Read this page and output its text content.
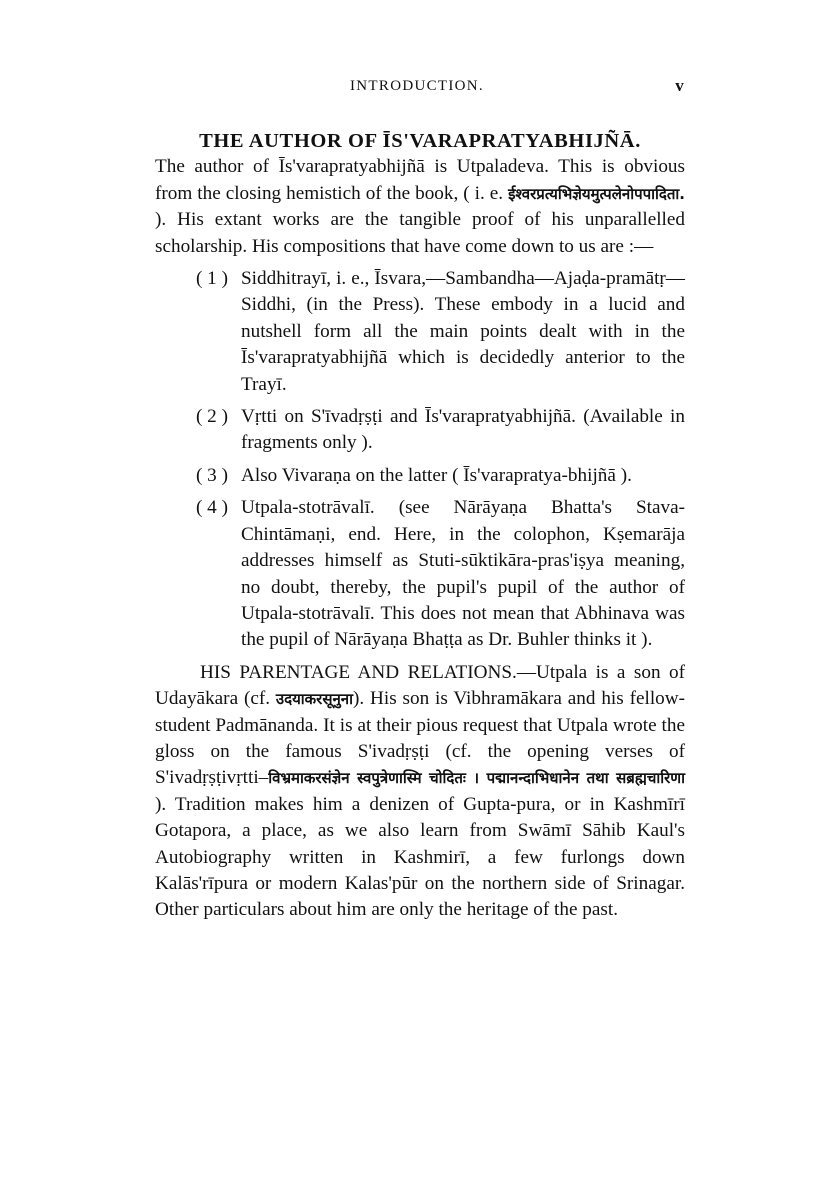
INTRODUCTION.	v
THE AUTHOR OF ĪS'VARAPRATYABHIJÑĀ.

The author of Īs'varapratyabhijñā is Utpaladeva. This is obvious from the closing hemistich of the book, ( i. e. ईश्वरप्रत्यभिज्ञेयमुत्पलेनोपपादिता. ). His extant works are the tangible proof of his unparallelled scholarship. His compositions that have come down to us are :—

( 1 ) Siddhitrayī, i. e., Īsvara,—Sambandha—Ajaḍa-pramātṛ—Siddhi, (in the Press). These embody in a lucid and nutshell form all the main points dealt with in the Īs'varapratyabhijñā which is decidedly anterior to the Trayī.
( 2 ) Vṛtti on S'īvadṛṣṭi and Īs'varapratyabhijñā. (Available in fragments only ).
( 3 ) Also Vivaraṇa on the latter ( Īs'varapratya-bhijñā ).
( 4 ) Utpala-stotrāvalī. (see Nārāyaṇa Bhatta's Stava-Chintāmaṇi, end. Here, in the colophon, Kṣemarāja addresses himself as Stuti-sūktikāra-pras'iṣya meaning, no doubt, thereby, the pupil's pupil of the author of Utpala-stotrāvalī. This does not mean that Abhinava was the pupil of Nārāyaṇa Bhaṭṭa as Dr. Buhler thinks it ).

HIS PARENTAGE AND RELATIONS.—Utpala is a son of Udayākara (cf. उदयाकरसूनुना). His son is Vibhramākara and his fellow-student Padmānanda. It is at their pious request that Utpala wrote the gloss on the famous S'ivadṛṣṭi (cf. the opening verses of S'ivadṛṣṭivṛtti–विभ्रमाकरसंज्ञेन स्वपुत्रेणास्मि चोदितः । पद्मानन्दाभिधानेन तथा सब्रह्मचारिणा ). Tradition makes him a denizen of Gupta-pura, or in Kashmīrī Gotapora, a place, as we also learn from Swāmī Sāhib Kaul's Autobiography written in Kashmirī, a few furlongs down Kalās'rīpura or modern Kalas'pūr on the northern side of Srinagar. Other particulars about him are only the heritage of the past.
